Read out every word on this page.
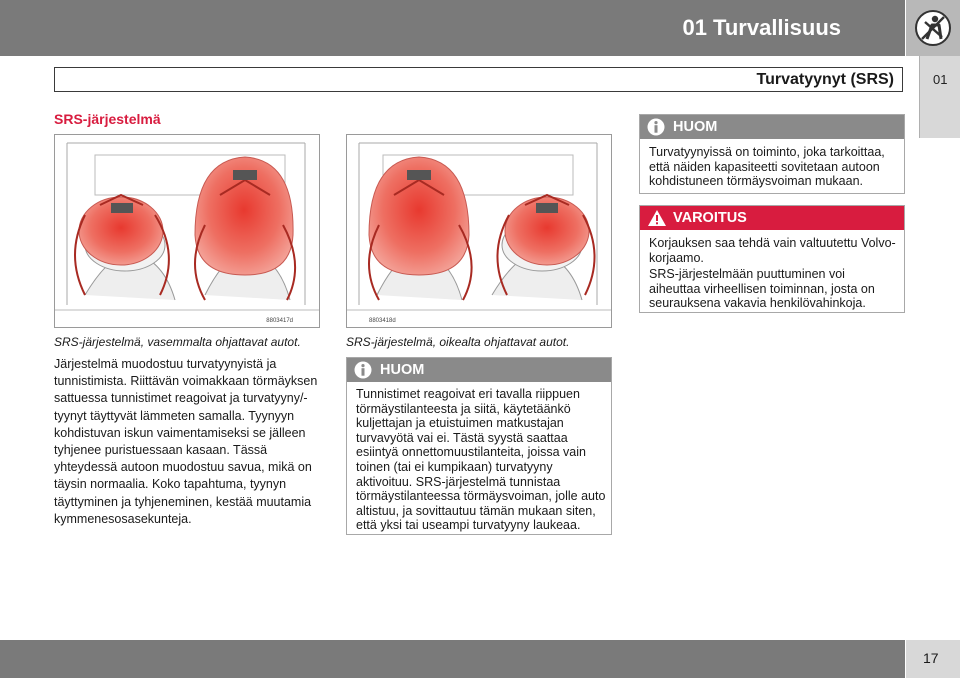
01 Turvallisuus
Turvatyynyt (SRS)	01
SRS-järjestelmä
8803417d	8803418d
SRS-järjestelmä, vasemmalta ohjattavat autot.	SRS-järjestelmä, oikealta ohjattavat autot.
Järjestelmä muodostuu turvatyynyistä ja tunnistimista. Riittävän voimakkaan törmäyksen sattuessa tunnistimet reagoivat ja turvatyyny/-tyynyt täyttyvät lämmeten samalla. Tyynyyn kohdistuvan iskun vaimentamiseksi se jälleen tyhjenee puristuessaan kasaan. Tässä yhteydessä autoon muodostuu savua, mikä on täysin normaalia. Koko tapahtuma, tyynyn täyttyminen ja tyhjeneminen, kestää muutamia kymmenesosasekunteja.
HUOM
Turvatyynyissä on toiminto, joka tarkoittaa, että näiden kapasiteetti sovitetaan autoon kohdistuneen törmäysvoiman mukaan.
VAROITUS

Korjauksen saa tehdä vain valtuutettu Volvo-korjaamo.

SRS-järjestelmään puuttuminen voi aiheuttaa virheellisen toiminnan, josta on seurauksena vakavia henkilövahinkoja.

HUOM
Tunnistimet reagoivat eri tavalla riippuen törmäystilanteesta ja siitä, käytetäänkö kuljettajan ja etuistuimen matkustajan turvavyötä vai ei. Tästä syystä saattaa esiintyä onnettomuustilanteita, joissa vain toinen (tai ei kumpikaan) turvatyyny aktivoituu. SRS-järjestelmä tunnistaa törmäystilanteessa törmäysvoiman, jolle auto altistuu, ja sovittautuu tämän mukaan siten, että yksi tai useampi turvatyyny laukeaa.
17
